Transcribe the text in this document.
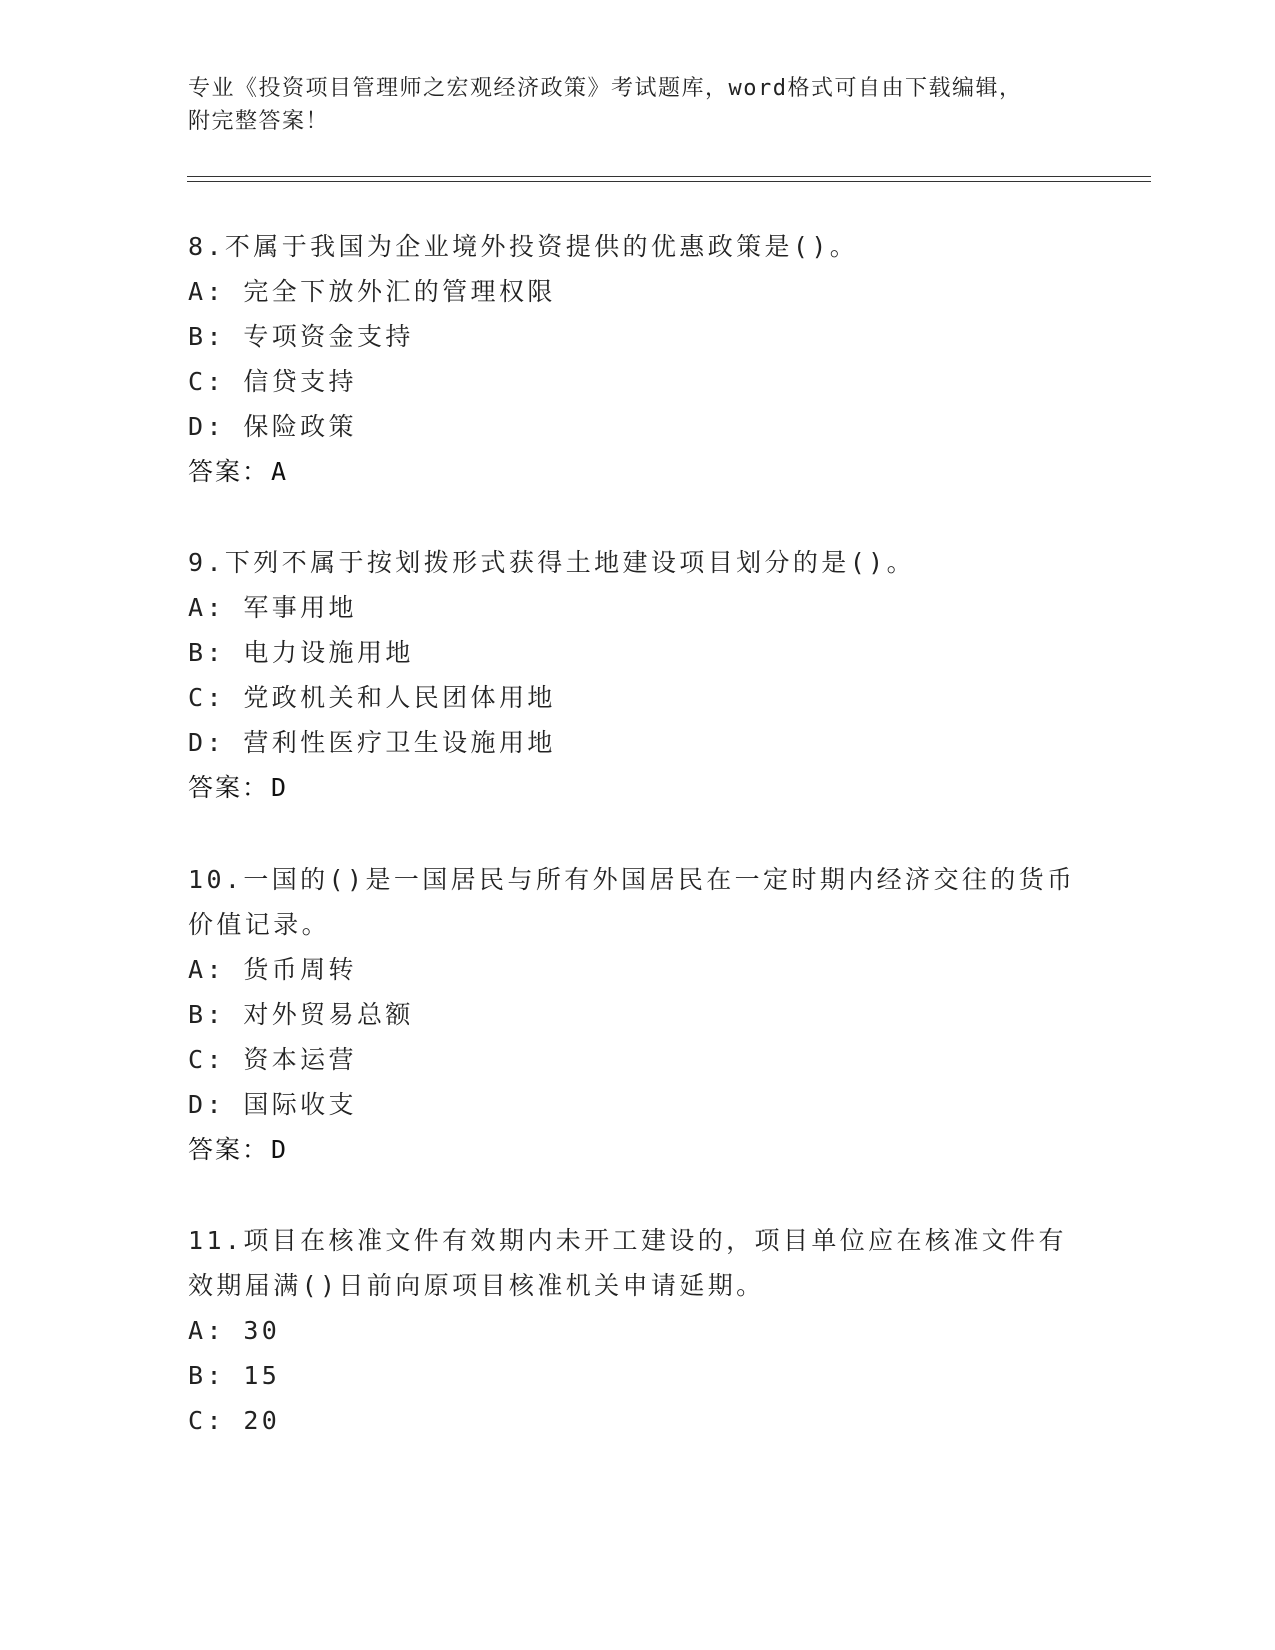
专业《投资项目管理师之宏观经济政策》考试题库，word格式可自由下载编辑，
附完整答案！

8.不属于我国为企业境外投资提供的优惠政策是()。

A: 完全下放外汇的管理权限

B: 专项资金支持

C: 信贷支持

D: 保险政策

答案：A

9.下列不属于按划拨形式获得土地建设项目划分的是()。

A: 军事用地

B: 电力设施用地

C: 党政机关和人民团体用地

D: 营利性医疗卫生设施用地

答案：D

10.一国的()是一国居民与所有外国居民在一定时期内经济交往的货币

价值记录。

A: 货币周转

B: 对外贸易总额

C: 资本运营

D: 国际收支

答案：D

11.项目在核准文件有效期内未开工建设的，项目单位应在核准文件有

效期届满()日前向原项目核准机关申请延期。

A: 30

B: 15

C: 20
